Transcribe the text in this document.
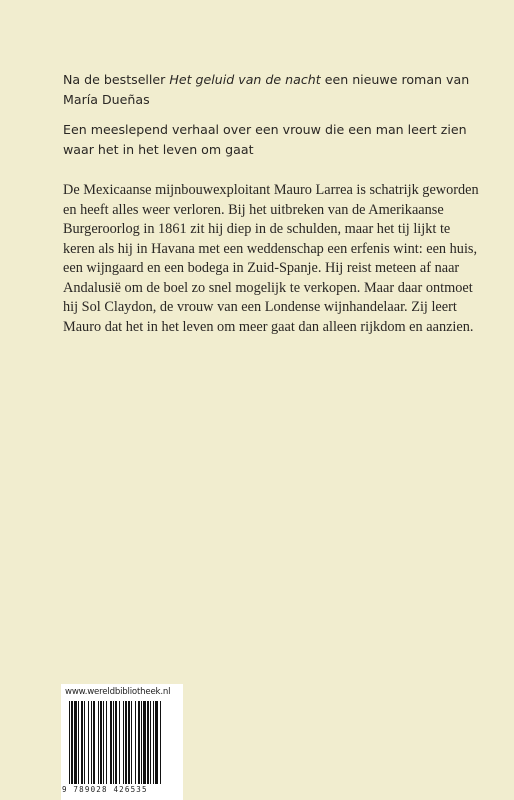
Na de bestseller Het geluid van de nacht een nieuwe roman van María Dueñas

Een meeslepend verhaal over een vrouw die een man leert zien waar het in het leven om gaat

De Mexicaanse mijnbouwexploitant Mauro Larrea is schatrijk geworden en heeft alles weer verloren. Bij het uitbreken van de Amerikaanse Burgeroorlog in 1861 zit hij diep in de schulden, maar het tij lijkt te keren als hij in Havana met een weddenschap een erfenis wint: een huis, een wijngaard en een bodega in Zuid-Spanje. Hij reist meteen af naar Andalusië om de boel zo snel mogelijk te verkopen. Maar daar ontmoet hij Sol Claydon, de vrouw van een Londense wijnhandelaar. Zij leert Mauro dat het in het leven om meer gaat dan alleen rijkdom en aanzien.

www.wereldbibliotheek.nl
9 789028 426535
